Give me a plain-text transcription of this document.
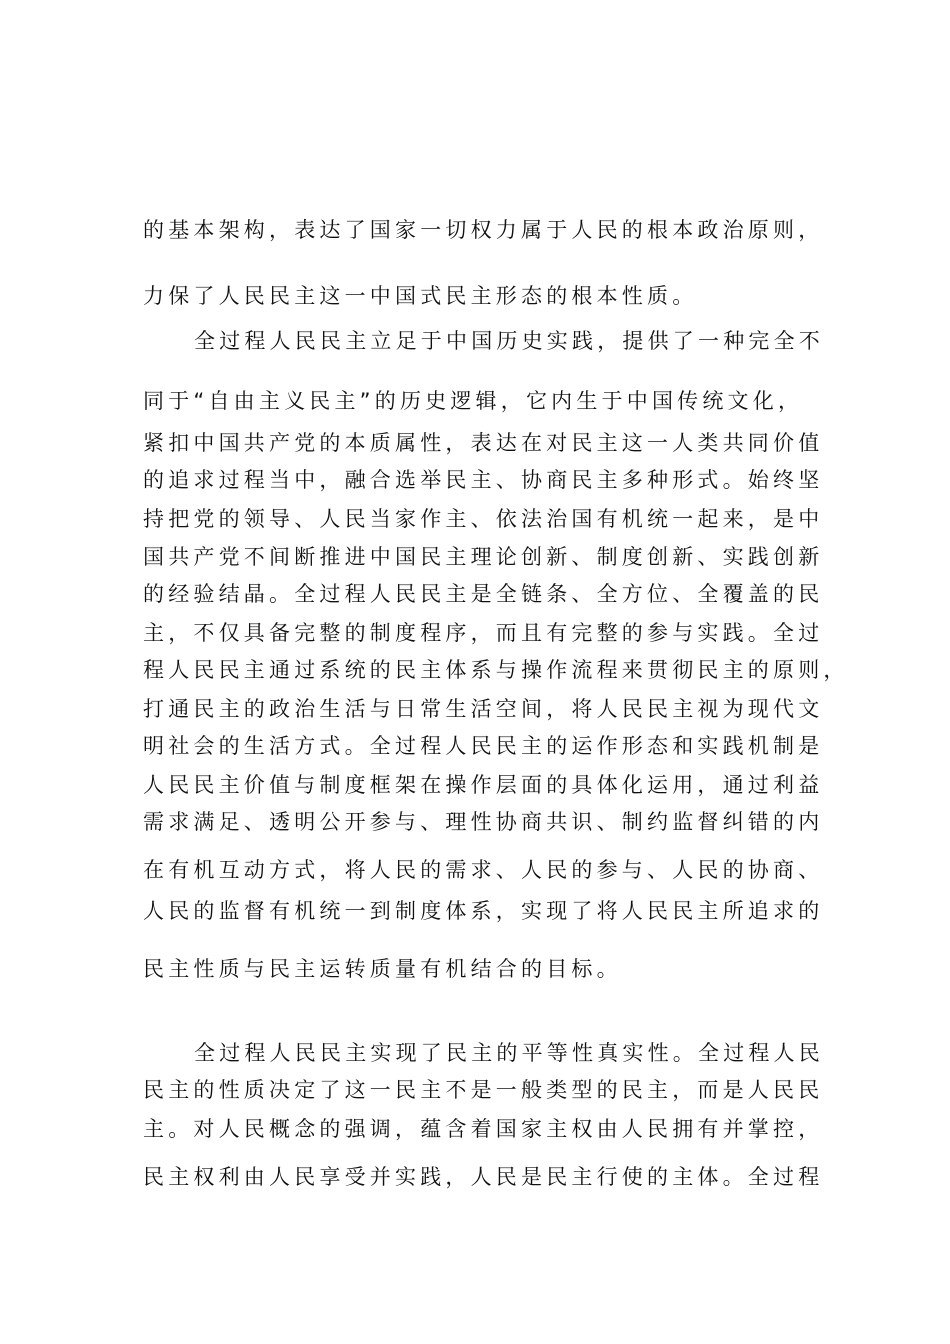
的基本架构，表达了国家一切权力属于人民的根本政治原则，
力保了人民民主这一中国式民主形态的根本性质。
全过程人民民主立足于中国历史实践，提供了一种完全不
同于“自由主义民主”的历史逻辑，它内生于中国传统文化，
紧扣中国共产党的本质属性，表达在对民主这一人类共同价值
的追求过程当中，融合选举民主、协商民主多种形式。始终坚
持把党的领导、人民当家作主、依法治国有机统一起来，是中
国共产党不间断推进中国民主理论创新、制度创新、实践创新
的经验结晶。全过程人民民主是全链条、全方位、全覆盖的民
主，不仅具备完整的制度程序，而且有完整的参与实践。全过
程人民民主通过系统的民主体系与操作流程来贯彻民主的原则，
打通民主的政治生活与日常生活空间，将人民民主视为现代文
明社会的生活方式。全过程人民民主的运作形态和实践机制是
人民民主价值与制度框架在操作层面的具体化运用，通过利益
需求满足、透明公开参与、理性协商共识、制约监督纠错的内
在有机互动方式，将人民的需求、人民的参与、人民的协商、
人民的监督有机统一到制度体系，实现了将人民民主所追求的
民主性质与民主运转质量有机结合的目标。
全过程人民民主实现了民主的平等性真实性。全过程人民
民主的性质决定了这一民主不是一般类型的民主，而是人民民
主。对人民概念的强调，蕴含着国家主权由人民拥有并掌控，
民主权利由人民享受并实践，人民是民主行使的主体。全过程
